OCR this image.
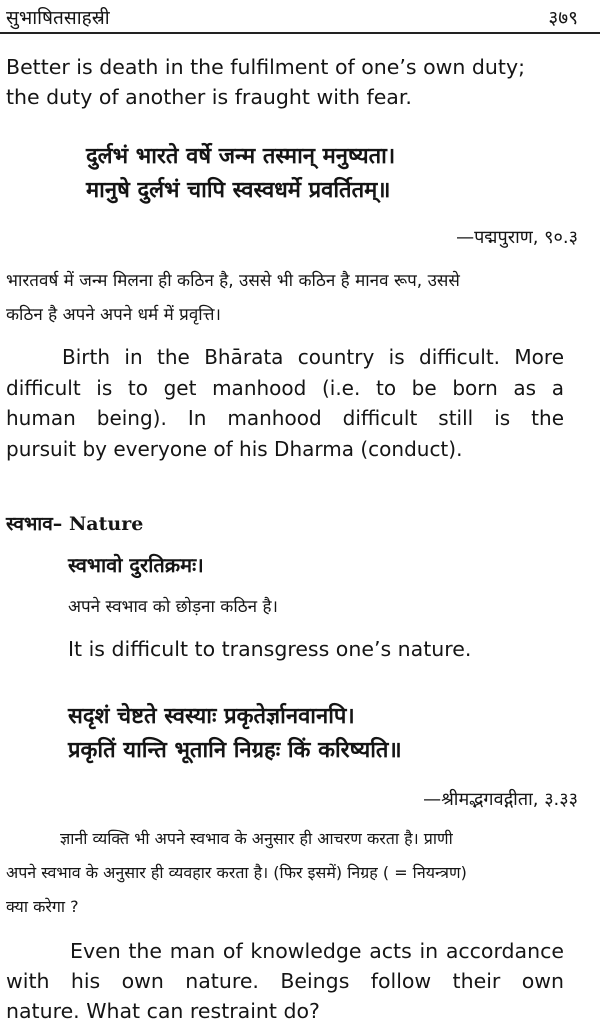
सुभाषितसाहस्री	३७९
Better is death in the fulfilment of one’s own duty;
the duty of another is fraught with fear.
दुर्लभं भारते वर्षे जन्म तस्मान् मनुष्यता।
मानुषे दुर्लभं चापि स्वस्वधर्मे प्रवर्तितम्॥
—पद्मपुराण, ९०.३
भारतवर्ष में जन्म मिलना ही कठिन है, उससे भी कठिन है मानव रूप, उससे
कठिन है अपने अपने धर्म में प्रवृत्ति।
Birth in the Bhārata country is difficult. More
difficult is to get manhood (i.e. to be born as a
human being). In manhood difficult still is the
pursuit by everyone of his Dharma (conduct).
स्वभाव– Nature
स्वभावो दुरतिक्रमः।
अपने स्वभाव को छोड़ना कठिन है।
It is difficult to transgress one’s nature.
सदृशं चेष्टते स्वस्याः प्रकृतेर्ज्ञानवानपि।
प्रकृतिं यान्ति भूतानि निग्रहः किं करिष्यति॥
—श्रीमद्भगवद्गीता, ३.३३
ज्ञानी व्यक्ति भी अपने स्वभाव के अनुसार ही आचरण करता है। प्राणी
अपने स्वभाव के अनुसार ही व्यवहार करता है। (फिर इसमें) निग्रह ( = नियन्त्रण)
क्या करेगा ?
Even the man of knowledge acts in accordance
with his own nature. Beings follow their own
nature. What can restraint do?
